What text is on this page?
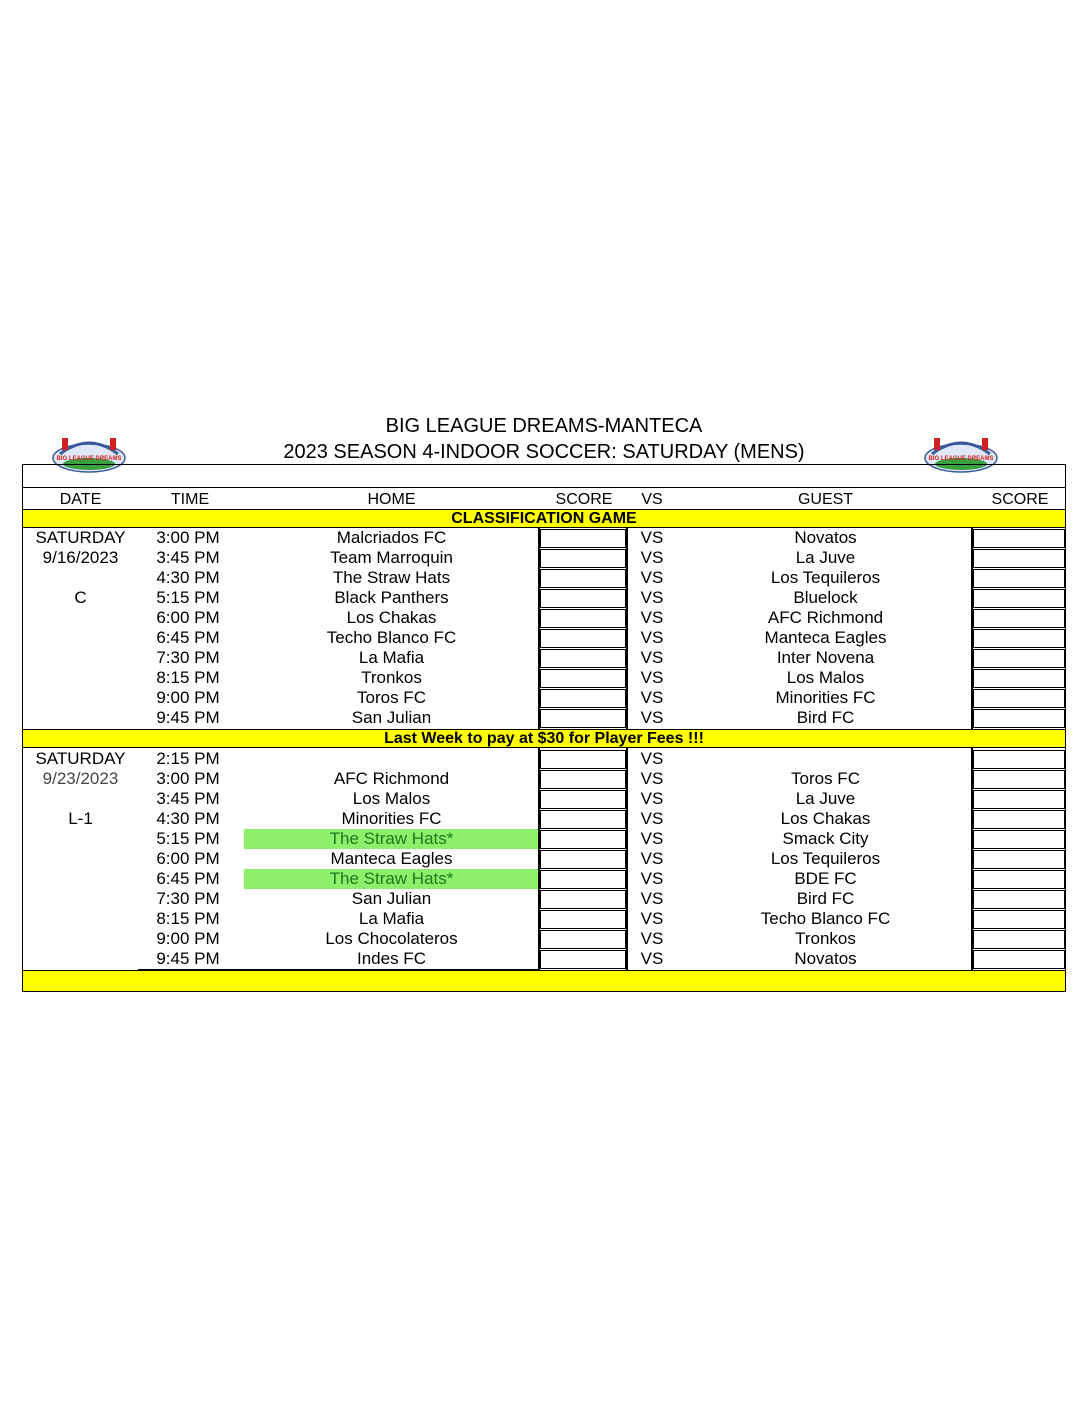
BIG LEAGUE DREAMS-MANTECA
2023 SEASON 4-INDOOR SOCCER: SATURDAY (MENS)
BIG LEAGUE DREAMS	BIG LEAGUE DREAMS
DATE	TIME	HOME	SCORE	VS	GUEST	SCORE
CLASSIFICATION GAME
Last Week to pay at $30 for Player Fees !!!
SATURDAY	3:00 PM	Malcriados FC	VS	Novatos
9/16/2023	3:45 PM	Team Marroquin	VS	La Juve
4:30 PM	The Straw Hats	VS	Los Tequileros
C	5:15 PM	Black Panthers	VS	Bluelock
6:00 PM	Los Chakas	VS	AFC Richmond
6:45 PM	Techo Blanco FC	VS	Manteca Eagles
7:30 PM	La Mafia	VS	Inter Novena
8:15 PM	Tronkos	VS	Los Malos
9:00 PM	Toros FC	VS	Minorities FC
9:45 PM	San Julian	VS	Bird FC
SATURDAY	2:15 PM	VS
9/23/2023	3:00 PM	AFC Richmond	VS	Toros FC
3:45 PM	Los Malos	VS	La Juve
L-1	4:30 PM	Minorities FC	VS	Los Chakas
5:15 PM	The Straw Hats*	VS	Smack City
6:00 PM	Manteca Eagles	VS	Los Tequileros
6:45 PM	The Straw Hats*	VS	BDE FC
7:30 PM	San Julian	VS	Bird FC
8:15 PM	La Mafia	VS	Techo Blanco FC
9:00 PM	Los Chocolateros	VS	Tronkos
9:45 PM	Indes FC	VS	Novatos
